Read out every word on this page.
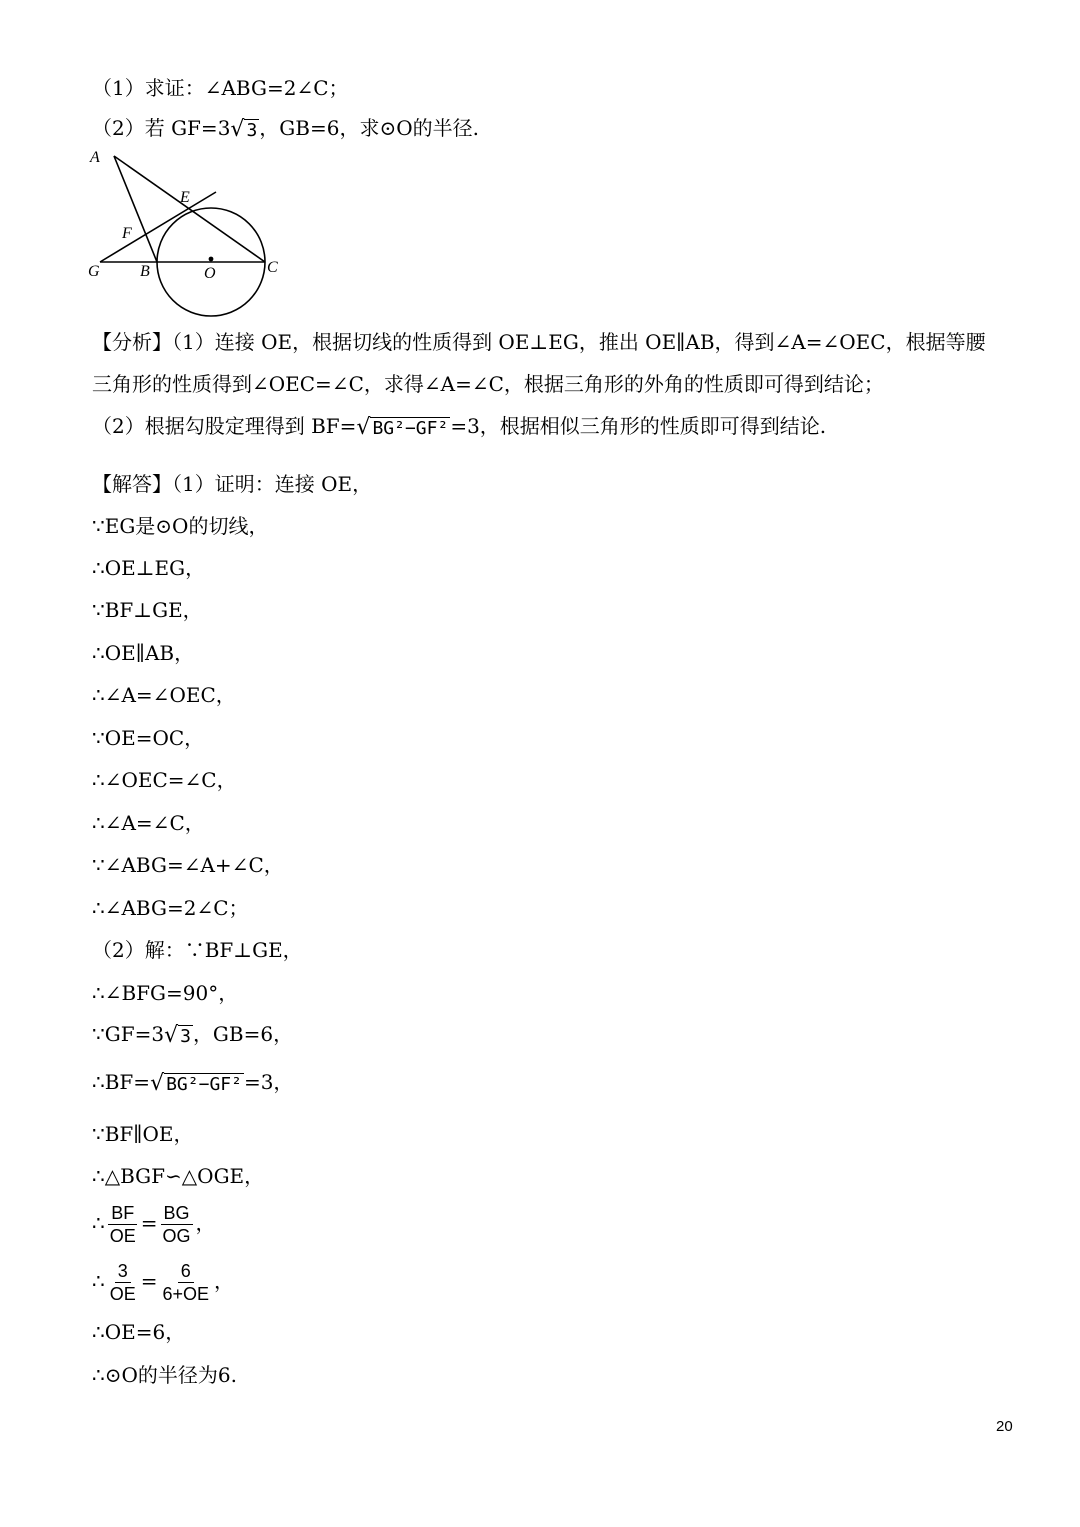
（1）求证：∠ABG=2∠C；
（2）若 GF=3√ 3 ，GB=6，求⊙O的半径.
A
E
F
G	B	O	C
【分析】（1）连接 OE，根据切线的性质得到 OE⊥EG，推出 OE∥AB，得到∠A=∠OEC，根据等腰
三角形的性质得到∠OEC=∠C，求得∠A=∠C，根据三角形的外角的性质即可得到结论；
（2）根据勾股定理得到 BF=√ BG²−GF² =3，根据相似三角形的性质即可得到结论.
【解答】（1）证明：连接 OE，
∵EG是⊙O的切线，
∴OE⊥EG，
∵BF⊥GE，
∴OE∥AB，
∴∠A=∠OEC，
∵OE=OC，
∴∠OEC=∠C，
∴∠A=∠C，
∵∠ABG=∠A+∠C，
∴∠ABG=2∠C；
（2）解：∵BF⊥GE，
∴∠BFG=90°，
∵GF=3√ 3 ，GB=6，
∴BF=√ BG²−GF² =3，
∵BF∥OE，
∴△BGF∽△OGE，
∴ $\frac{BF}{OE} = \frac{BG}{OG}$ ，
∴ $\frac{3}{OE} = \frac{6}{6+OE}$ ，
∴OE=6，
∴⊙O的半径为6.
20
